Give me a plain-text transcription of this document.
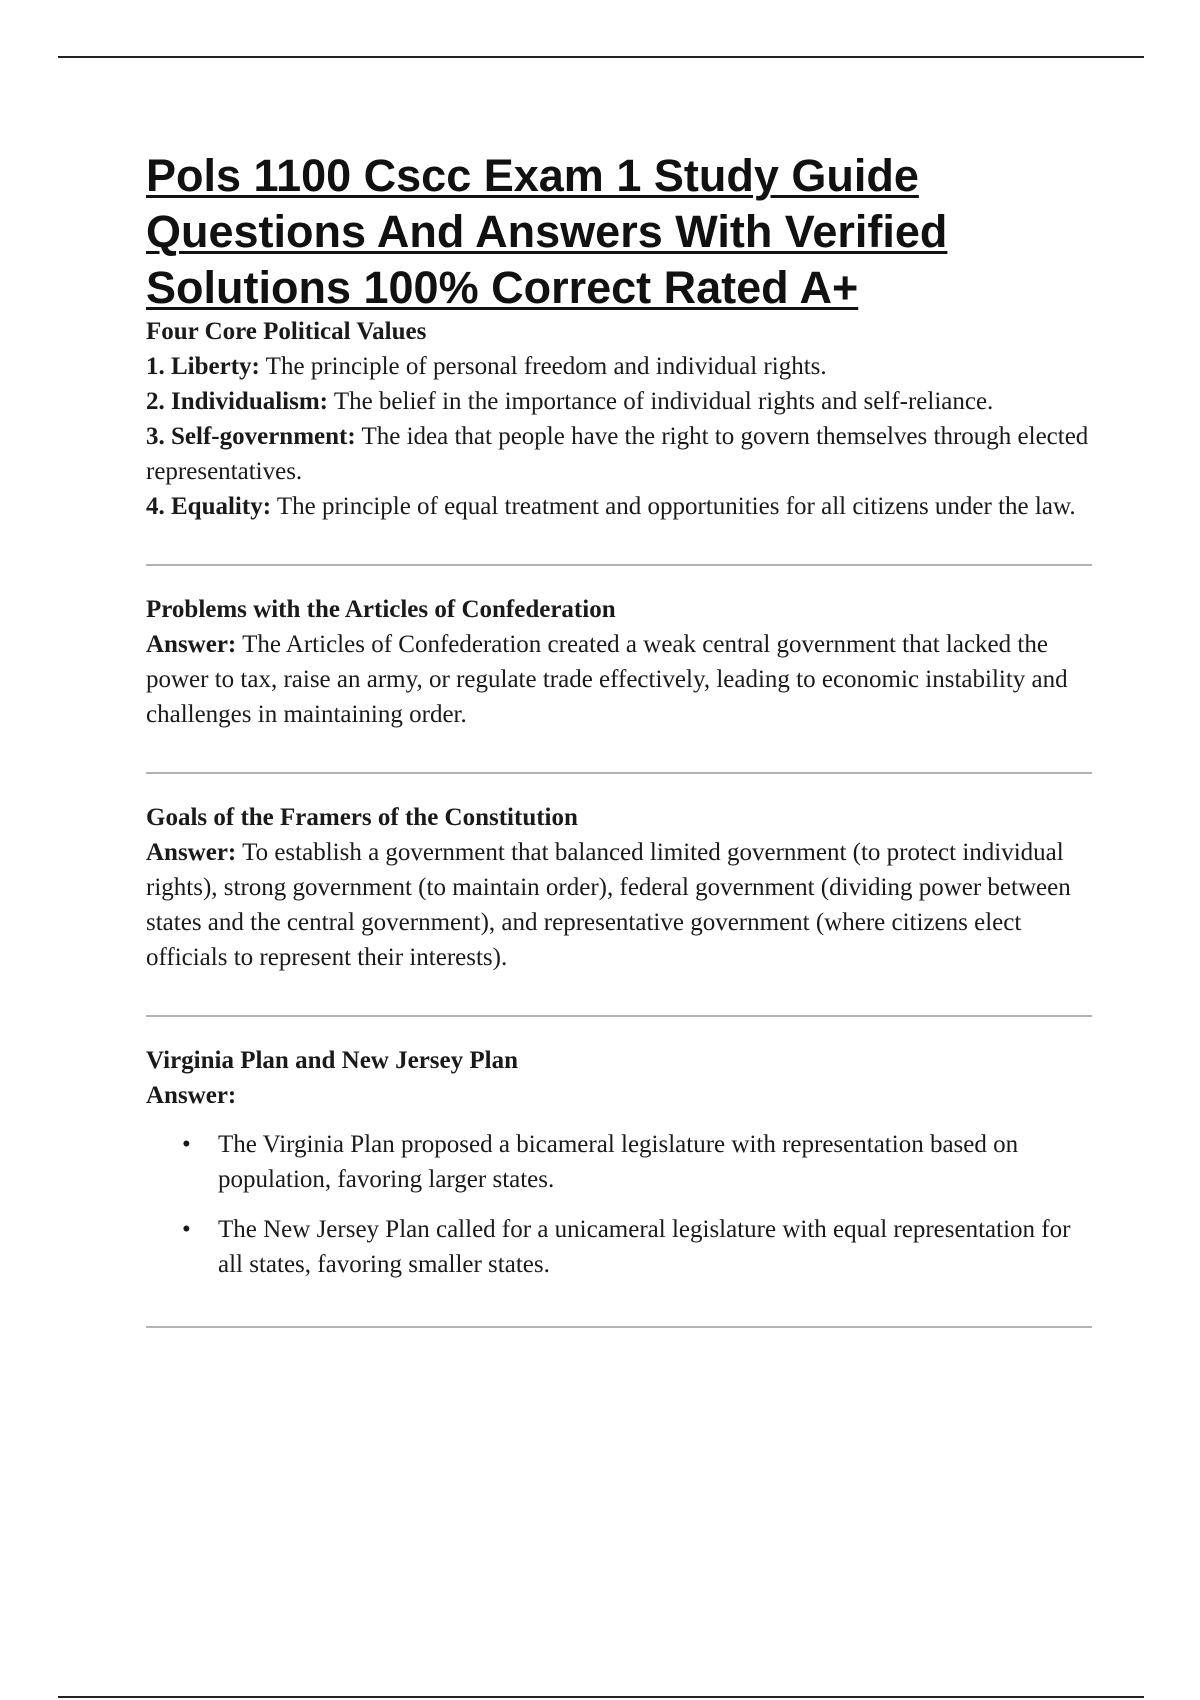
Pols 1100 Cscc Exam 1 Study Guide
Questions And Answers With Verified
Solutions 100% Correct Rated A+

Four Core Political Values

1. Liberty: The principle of personal freedom and individual rights.

2. Individualism: The belief in the importance of individual rights and self-reliance.

3. Self-government: The idea that people have the right to govern themselves through elected representatives.

4. Equality: The principle of equal treatment and opportunities for all citizens under the law.

Problems with the Articles of Confederation

Answer: The Articles of Confederation created a weak central government that lacked the power to tax, raise an army, or regulate trade effectively, leading to economic instability and challenges in maintaining order.

Goals of the Framers of the Constitution

Answer: To establish a government that balanced limited government (to protect individual rights), strong government (to maintain order), federal government (dividing power between states and the central government), and representative government (where citizens elect officials to represent their interests).

Virginia Plan and New Jersey Plan

Answer:

• The Virginia Plan proposed a bicameral legislature with representation based on population, favoring larger states.
• The New Jersey Plan called for a unicameral legislature with equal representation for all states, favoring smaller states.
